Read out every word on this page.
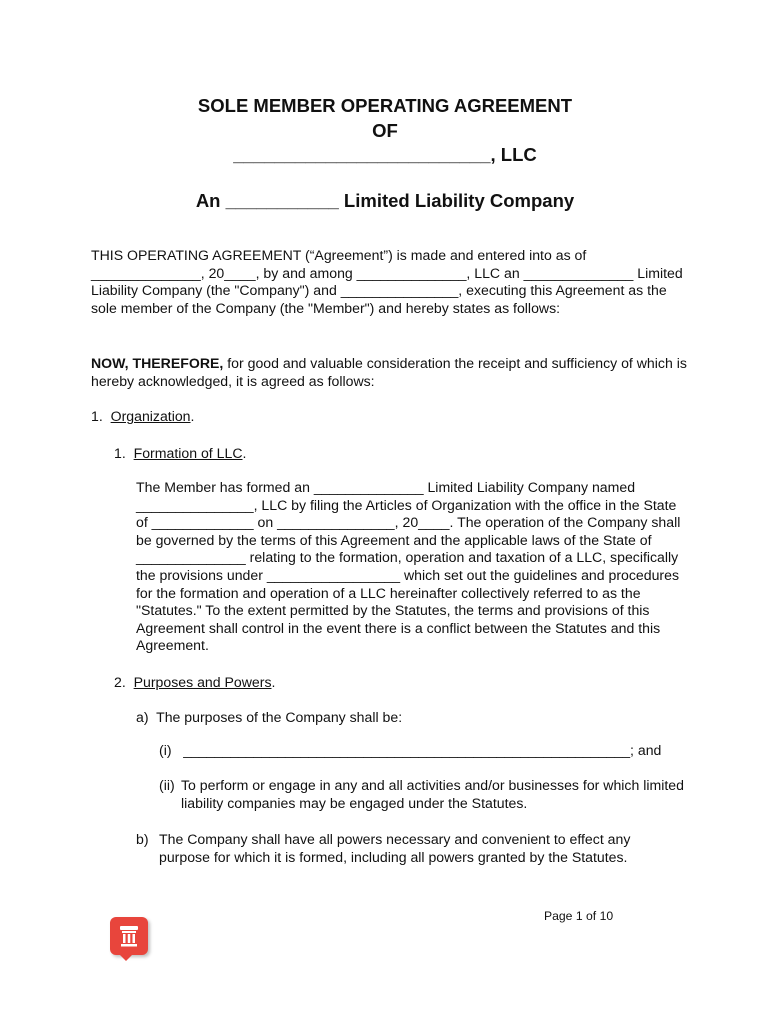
SOLE MEMBER OPERATING AGREEMENT

OF

_________________________, LLC

An ___________ Limited Liability Company

THIS OPERATING AGREEMENT (“Agreement”) is made and entered into as of ______________, 20____, by and among ______________, LLC an ______________ Limited Liability Company (the "Company") and _______________, executing this Agreement as the sole member of the Company (the "Member") and hereby states as follows:

NOW, THEREFORE, for good and valuable consideration the receipt and sufficiency of which is hereby acknowledged, it is agreed as follows:

1. Organization.

1. Formation of LLC.

The Member has formed an ______________ Limited Liability Company named _______________, LLC by filing the Articles of Organization with the office in the State of _____________ on _______________, 20____. The operation of the Company shall be governed by the terms of this Agreement and the applicable laws of the State of ______________ relating to the formation, operation and taxation of a LLC, specifically the provisions under _________________ which set out the guidelines and procedures for the formation and operation of a LLC hereinafter collectively referred to as the "Statutes." To the extent permitted by the Statutes, the terms and provisions of this Agreement shall control in the event there is a conflict between the Statutes and this Agreement.

2. Purposes and Powers.

a)  The purposes of the Company shall be:

(i)   _________________________________________________________; and

(ii) To perform or engage in any and all activities and/or businesses for which limited liability companies may be engaged under the Statutes.

b) The Company shall have all powers necessary and convenient to effect any purpose for which it is formed, including all powers granted by the Statutes.

Page 1 of 10
